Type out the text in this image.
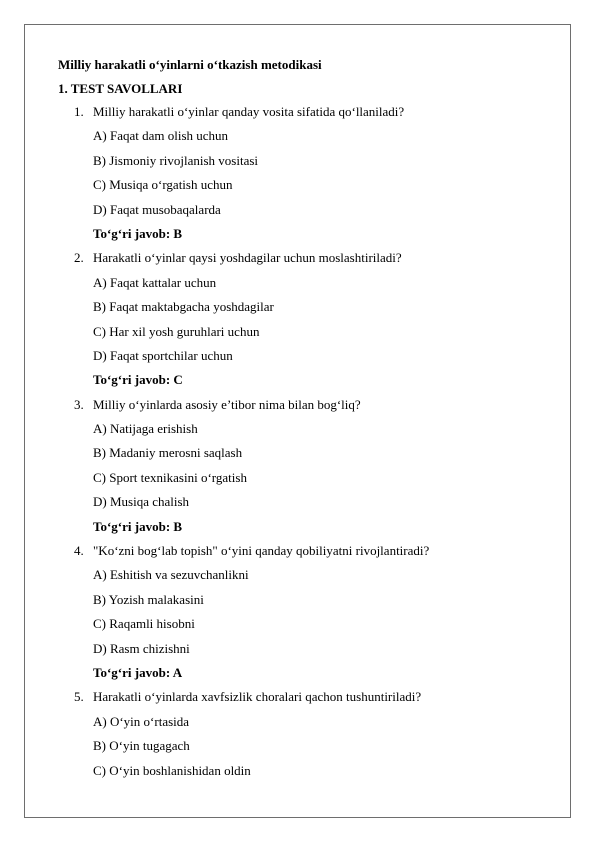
Milliy harakatli o‘yinlarni o‘tkazish metodikasi
1. TEST SAVOLLARI
1. Milliy harakatli o‘yinlar qanday vosita sifatida qo‘llaniladi?
A) Faqat dam olish uchun
B) Jismoniy rivojlanish vositasi
C) Musiqa o‘rgatish uchun
D) Faqat musobaqalarda
To‘g‘ri javob: B
2. Harakatli o‘yinlar qaysi yoshdagilar uchun moslashtiriladi?
A) Faqat kattalar uchun
B) Faqat maktabgacha yoshdagilar
C) Har xil yosh guruhlari uchun
D) Faqat sportchilar uchun
To‘g‘ri javob: C
3. Milliy o‘yinlarda asosiy e’tibor nima bilan bog‘liq?
A) Natijaga erishish
B) Madaniy merosni saqlash
C) Sport texnikasini o‘rgatish
D) Musiqa chalish
To‘g‘ri javob: B
4. "Ko‘zni bog‘lab topish" o‘yini qanday qobiliyatni rivojlantiradi?
A) Eshitish va sezuvchanlikni
B) Yozish malakasini
C) Raqamli hisobni
D) Rasm chizishni
To‘g‘ri javob: A
5. Harakatli o‘yinlarda xavfsizlik choralari qachon tushuntiriladi?
A) O‘yin o‘rtasida
B) O‘yin tugagach
C) O‘yin boshlanishidan oldin
